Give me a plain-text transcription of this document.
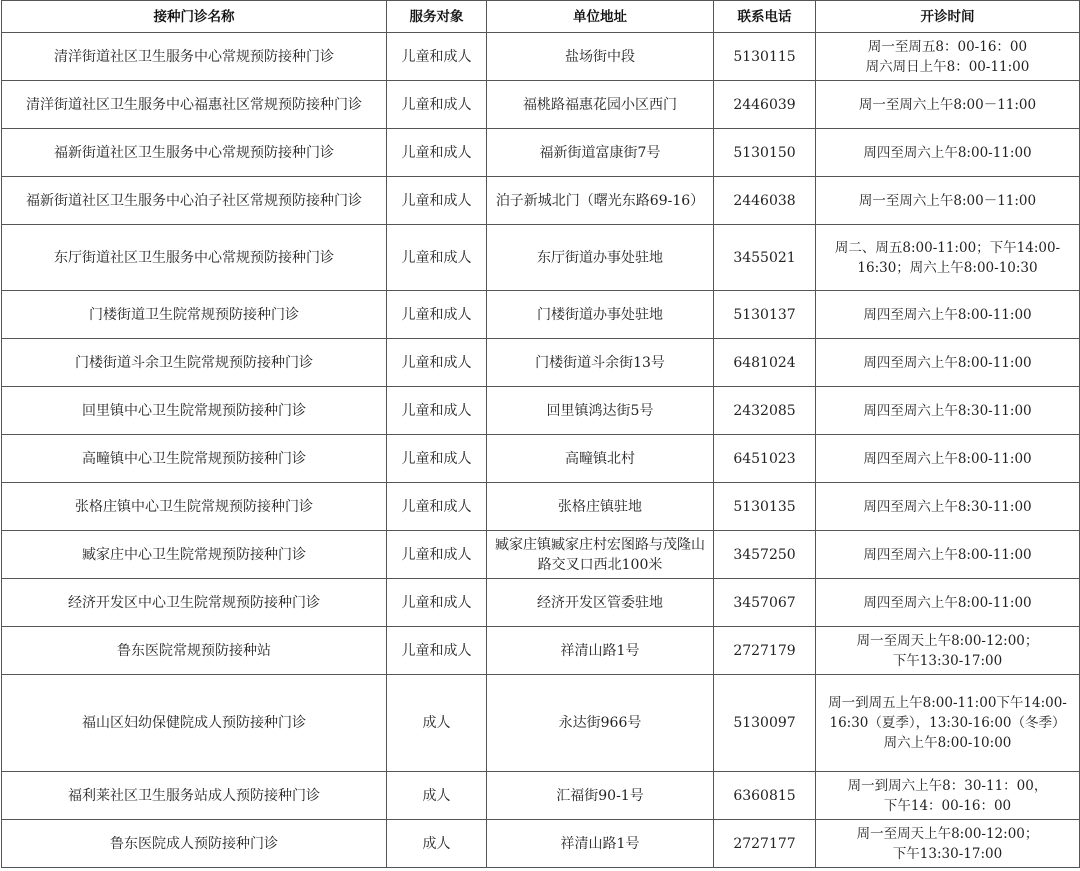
接种门诊名称	服务对象	单位地址	联系电话	开诊时间
清洋街道社区卫生服务中心常规预防接种门诊	儿童和成人	盐场街中段	5130115	周一至周五8：00-16：00
周六周日上午8：00-11:00

清洋街道社区卫生服务中心福惠社区常规预防接种门诊	儿童和成人	福桃路福惠花园小区西门	2446039	周一至周六上午8:00－11:00

福新街道社区卫生服务中心常规预防接种门诊	儿童和成人	福新街道富康街7号	5130150	周四至周六上午8:00-11:00

福新街道社区卫生服务中心泊子社区常规预防接种门诊	儿童和成人	泊子新城北门（曙光东路69-16）	2446038	周一至周六上午8:00－11:00

东厅街道社区卫生服务中心常规预防接种门诊	儿童和成人	东厅街道办事处驻地	3455021	周二、周五8:00-11:00；下午14:00-16:30；周六上午8:00-10:30

门楼街道卫生院常规预防接种门诊	儿童和成人	门楼街道办事处驻地	5130137	周四至周六上午8:00-11:00

门楼街道斗余卫生院常规预防接种门诊	儿童和成人	门楼街道斗余街13号	6481024	周四至周六上午8:00-11:00

回里镇中心卫生院常规预防接种门诊	儿童和成人	回里镇鸿达街5号	2432085	周四至周六上午8:30-11:00

高疃镇中心卫生院常规预防接种门诊	儿童和成人	高疃镇北村	6451023	周四至周六上午8:00-11:00

张格庄镇中心卫生院常规预防接种门诊	儿童和成人	张格庄镇驻地	5130135	周四至周六上午8:30-11:00

臧家庄中心卫生院常规预防接种门诊	儿童和成人	臧家庄镇臧家庄村宏图路与茂隆山路交叉口西北100米	3457250	周四至周六上午8:00-11:00

经济开发区中心卫生院常规预防接种门诊	儿童和成人	经济开发区管委驻地	3457067	周四至周六上午8:00-11:00

鲁东医院常规预防接种站	儿童和成人	祥清山路1号	2727179	周一至周天上午8:00-12:00；
下午13:30-17:00

福山区妇幼保健院成人预防接种门诊	成人	永达街966号	5130097	周一到周五上午8:00-11:00下午14:00-16:30（夏季），13:30-16:00（冬季）
周六上午8:00-10:00

福利莱社区卫生服务站成人预防接种门诊	成人	汇福街90-1号	6360815	周一到周六上午8：30-11：00，
下午14：00-16：00

鲁东医院成人预防接种门诊	成人	祥清山路1号	2727177	周一至周天上午8:00-12:00；
下午13:30-17:00
